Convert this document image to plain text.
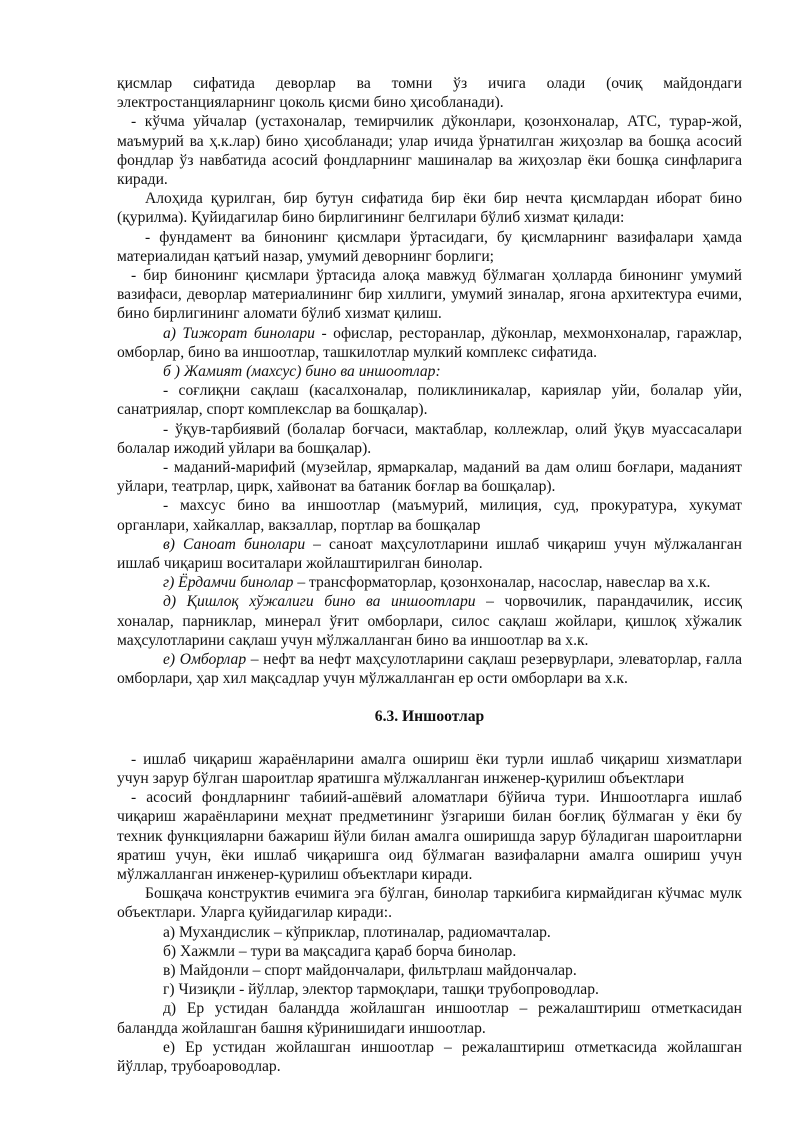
қисмлар сифатида деворлар ва томни ўз ичига олади (очиқ майдондаги электростанцияларнинг цоколь қисми бино ҳисобланади).

- кўчма уйчалар (устахоналар, темирчилик дўконлари, қозонхоналар, АТС, турар-жой, маъмурий ва ҳ.к.лар) бино ҳисобланади; улар ичида ўрнатилган жиҳозлар ва бошқа асосий фондлар ўз навбатида асосий фондларнинг машиналар ва жиҳозлар ёки бошқа синфларига киради.

Алоҳида қурилган, бир бутун сифатида бир ёки бир нечта қисмлардан иборат бино (қурилма). Қуйидагилар бино бирлигининг белгилари бўлиб хизмат қилади:

- фундамент ва бинонинг қисмлари ўртасидаги, бу қисмларнинг вазифалари ҳамда материалидан қатъий назар, умумий деворнинг борлиги;

- бир бинонинг қисмлари ўртасида алоқа мавжуд бўлмаган ҳолларда бинонинг умумий вазифаси, деворлар материалининг бир хиллиги, умумий зиналар, ягона архитектура ечими, бино бирлигининг аломати бўлиб хизмат қилиш.

а) Тижорат бинолари - офислар, ресторанлар, дўконлар, мехмонхоналар, гаражлар, омборлар, бино ва иншоотлар, ташкилотлар мулкий комплекс сифатида.

б ) Жамият (махсус) бино ва иншоотлар:

- соғлиқни сақлаш (касалхоналар, поликлиникалар, кариялар уйи, болалар уйи, санатриялар, спорт комплекслар ва бошқалар).

- ўқув-тарбиявий (болалар боғчаси, мактаблар, коллежлар, олий ўқув муассасалари болалар ижодий уйлари ва бошқалар).

- маданий-марифий (музейлар, ярмаркалар, маданий ва дам олиш боғлари, маданият уйлари, театрлар, цирк, хайвонат ва батаник боғлар ва бошқалар).

- махсус бино ва иншоотлар (маъмурий, милиция, суд, прокуратура, хукумат органлари, хайкаллар, вакзаллар, портлар ва бошқалар

в) Саноат бинолари – саноат маҳсулотларини ишлаб чиқариш учун мўлжаланган ишлаб чиқариш воситалари жойлаштирилган бинолар.

г) Ёрдамчи бинолар – трансформаторлар, қозонхоналар, насослар, навеслар ва х.к.

д) Қишлоқ хўжалиги бино ва иншоотлари – чорвочилик, парандачилик, иссиқ хоналар, парниклар, минерал ўғит омборлари, силос сақлаш жойлари, қишлоқ хўжалик маҳсулотларини сақлаш учун мўлжалланган бино ва иншоотлар ва х.к.

е) Омборлар – нефт ва нефт маҳсулотларини сақлаш резервурлари, элеваторлар, ғалла омборлари, ҳар хил мақсадлар учун мўлжалланган ер ости омборлари ва х.к.

6.3. Иншоотлар

- ишлаб чиқариш жараёнларини амалга ошириш ёки турли ишлаб чиқариш хизматлари учун зарур бўлган шароитлар яратишга мўлжалланган инженер-қурилиш объектлари

- асосий фондларнинг табиий-ашёвий аломатлари бўйича тури. Иншоотларга ишлаб чиқариш жараёнларини меҳнат предметининг ўзгариши билан боғлиқ бўлмаган у ёки бу техник функцияларни бажариш йўли билан амалга оширишда зарур бўладиган шароитларни яратиш учун, ёки ишлаб чиқаришга оид бўлмаган вазифаларни амалга ошириш учун мўлжалланган инженер-қурилиш объектлари киради.

Бошқача конструктив ечимига эга бўлган, бинолар таркибига кирмайдиган кўчмас мулк объектлари. Уларга қуйидагилар киради:.

а) Мухандислик – кўприклар, плотиналар, радиомачталар.

б) Хажмли – тури ва мақсадига қараб борча бинолар.

в) Майдонли – спорт майдончалари, фильтрлаш майдончалар.

г) Чизиқли - йўллар, электор тармоқлари, ташқи трубопроводлар.

д) Ер устидан баландда жойлашган иншоотлар – режалаштириш отметкасидан баландда жойлашган башня кўринишидаги иншоотлар.

е) Ер устидан жойлашган иншоотлар – режалаштириш отметкасида жойлашган йўллар, трубоароводлар.
